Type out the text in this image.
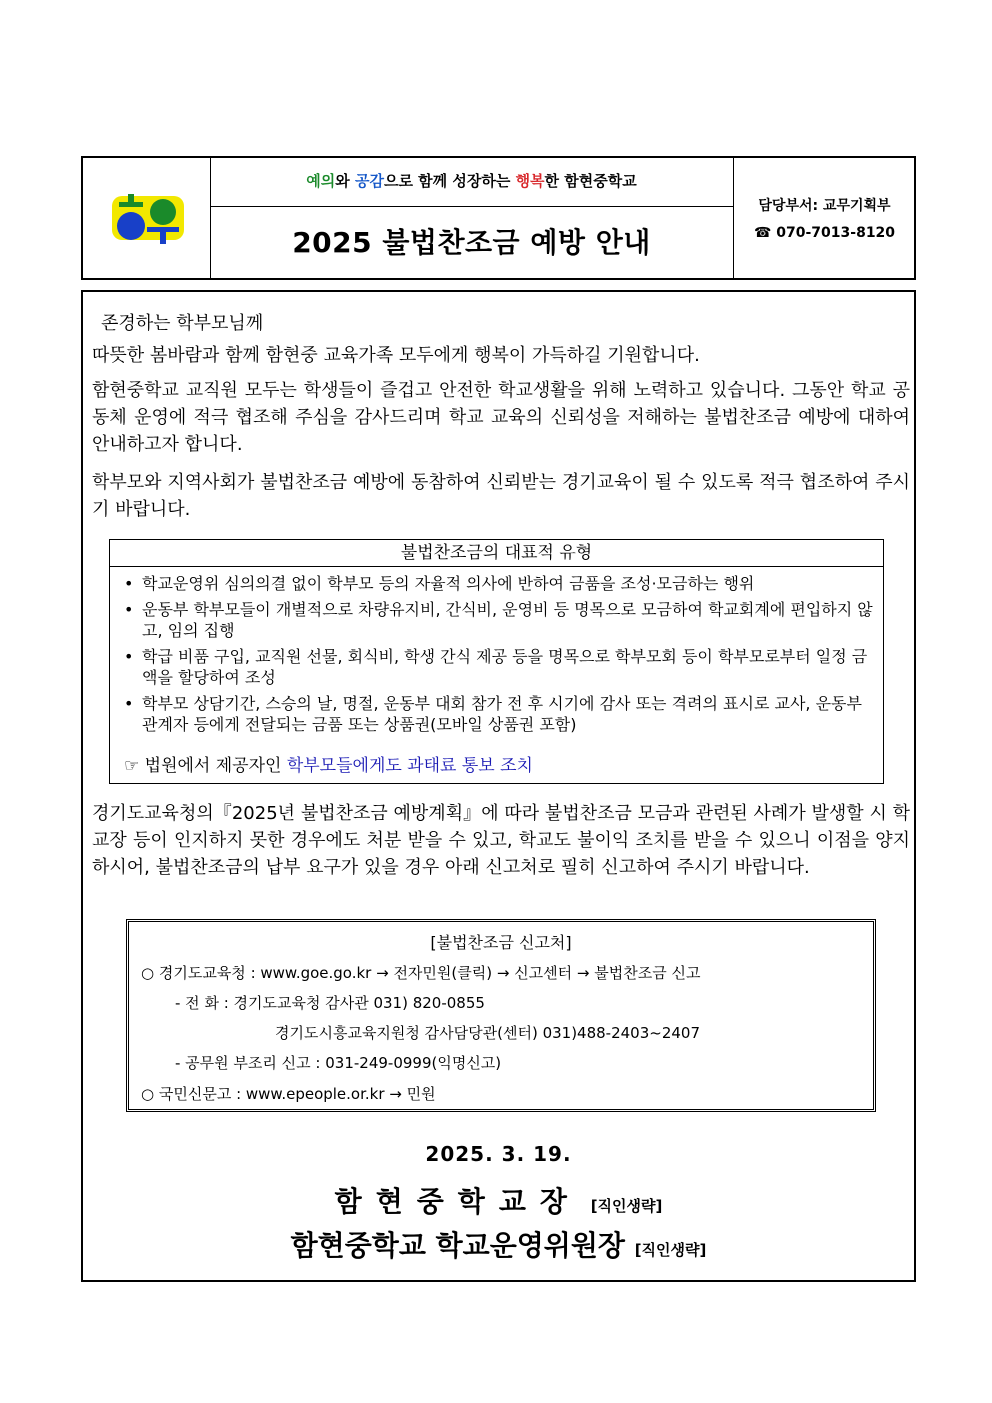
예의와 공감으로 함께 성장하는 행복한 함현중학교
2025 불법찬조금 예방 안내
담당부서: 교무기획부
☎ 070-7013-8120
존경하는 학부모님께
따뜻한 봄바람과 함께 함현중 교육가족 모두에게 행복이 가득하길 기원합니다.
함현중학교 교직원 모두는 학생들이 즐겁고 안전한 학교생활을 위해 노력하고 있습니다. 그동안 학교 공동체 운영에 적극 협조해 주심을 감사드리며 학교 교육의 신뢰성을 저해하는 불법찬조금 예방에 대하여 안내하고자 합니다.
학부모와 지역사회가 불법찬조금 예방에 동참하여 신뢰받는 경기교육이 될 수 있도록 적극 협조하여 주시기 바랍니다.
불법찬조금의 대표적 유형
• 학교운영위 심의의결 없이 학부모 등의 자율적 의사에 반하여 금품을 조성·모금하는 행위
• 운동부 학부모들이 개별적으로 차량유지비, 간식비, 운영비 등 명목으로 모금하여 학교회계에 편입하지 않고, 임의 집행
• 학급 비품 구입, 교직원 선물, 회식비, 학생 간식 제공 등을 명목으로 학부모회 등이 학부모로부터 일정 금액을 할당하여 조성
• 학부모 상담기간, 스승의 날, 명절, 운동부 대회 참가 전 후 시기에 감사 또는 격려의 표시로 교사, 운동부 관계자 등에게 전달되는 금품 또는 상품권(모바일 상품권 포함)
☞ 법원에서 제공자인 학부모들에게도 과태료 통보 조치
경기도교육청의『2025년 불법찬조금 예방계획』에 따라 불법찬조금 모금과 관련된 사례가 발생할 시 학교장 등이 인지하지 못한 경우에도 처분 받을 수 있고, 학교도 불이익 조치를 받을 수 있으니 이점을 양지하시어, 불법찬조금의 납부 요구가 있을 경우 아래 신고처로 필히 신고하여 주시기 바랍니다.
[불법찬조금 신고처]
○ 경기도교육청 : www.goe.go.kr → 전자민원(클릭) → 신고센터 → 불법찬조금 신고
- 전 화 : 경기도교육청 감사관 031) 820-0855
경기도시흥교육지원청 감사담당관(센터) 031)488-2403~2407
- 공무원 부조리 신고 : 031-249-0999(익명신고)
○ 국민신문고 : www.epeople.or.kr → 민원
2025. 3. 19.
함현중학교장 [직인생략]
함현중학교 학교운영위원장 [직인생략]
